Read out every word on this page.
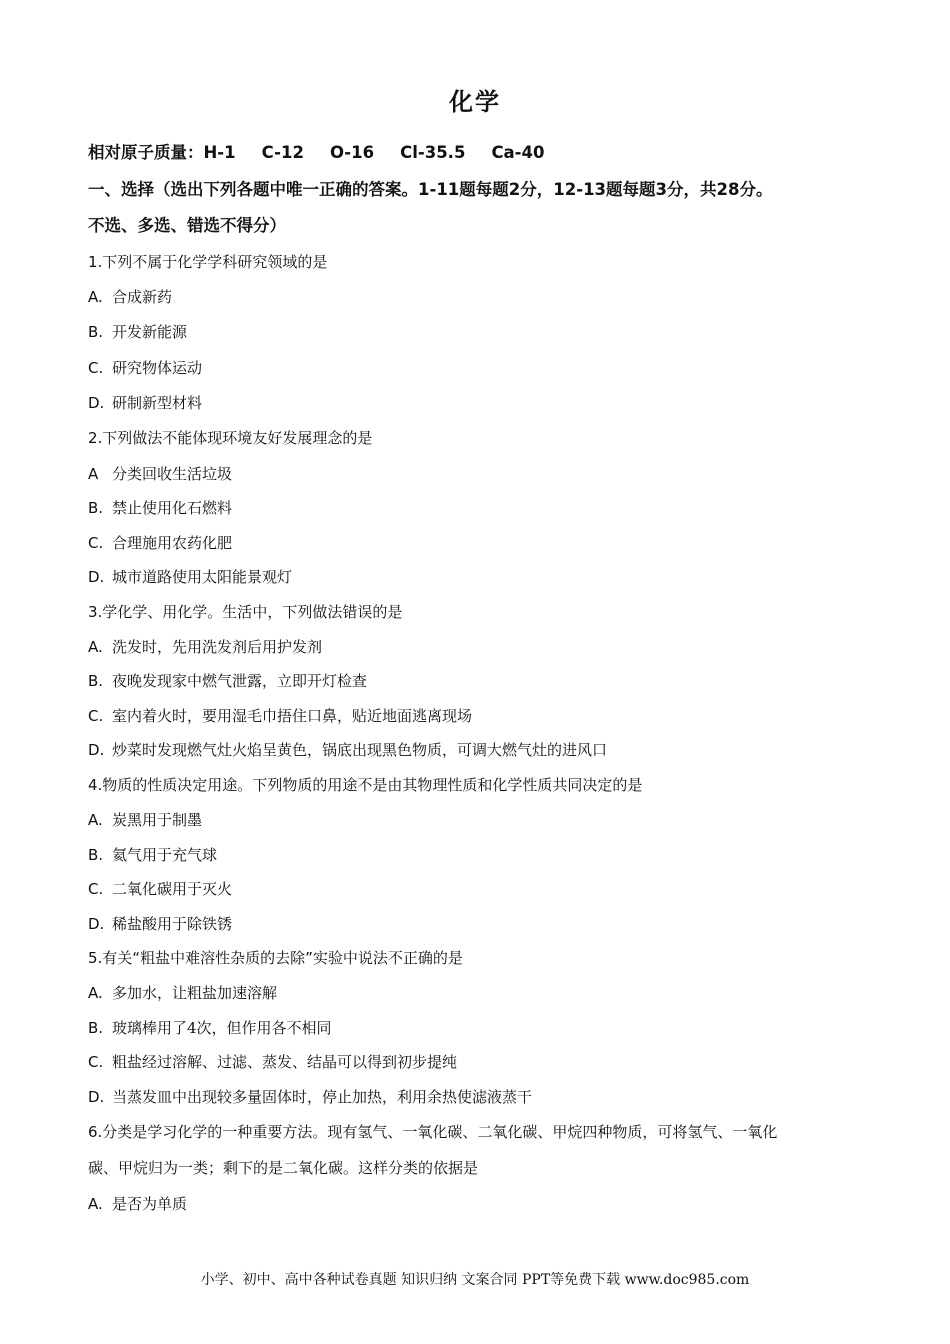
化学
相对原子质量：H-1 C-12 O-16 Cl-35.5 Ca-40
一、选择（选出下列各题中唯一正确的答案。1-11题每题2分，12-13题每题3分，共28分。
不选、多选、错选不得分）
1.下列不属于化学学科研究领域的是
A. 合成新药
B. 开发新能源
C. 研究物体运动
D. 研制新型材料
2.下列做法不能体现环境友好发展理念的是
A 分类回收生活垃圾
B. 禁止使用化石燃料
C. 合理施用农药化肥
D. 城市道路使用太阳能景观灯
3.学化学、用化学。生活中，下列做法错误的是
A. 洗发时，先用洗发剂后用护发剂
B. 夜晚发现家中燃气泄露，立即开灯检查
C. 室内着火时，要用湿毛巾捂住口鼻，贴近地面逃离现场
D. 炒菜时发现燃气灶火焰呈黄色，锅底出现黑色物质，可调大燃气灶的进风口
4.物质的性质决定用途。下列物质的用途不是由其物理性质和化学性质共同决定的是
A. 炭黑用于制墨
B. 氦气用于充气球
C. 二氧化碳用于灭火
D. 稀盐酸用于除铁锈
5.有关“粗盐中难溶性杂质的去除”实验中说法不正确的是
A. 多加水，让粗盐加速溶解
B. 玻璃棒用了4次，但作用各不相同
C. 粗盐经过溶解、过滤、蒸发、结晶可以得到初步提纯
D. 当蒸发皿中出现较多量固体时，停止加热，利用余热使滤液蒸干
6.分类是学习化学的一种重要方法。现有氢气、一氧化碳、二氧化碳、甲烷四种物质，可将氢气、一氧化
碳、甲烷归为一类；剩下的是二氧化碳。这样分类的依据是
A. 是否为单质
小学、初中、高中各种试卷真题 知识归纳 文案合同 PPT等免费下载 www.doc985.com
